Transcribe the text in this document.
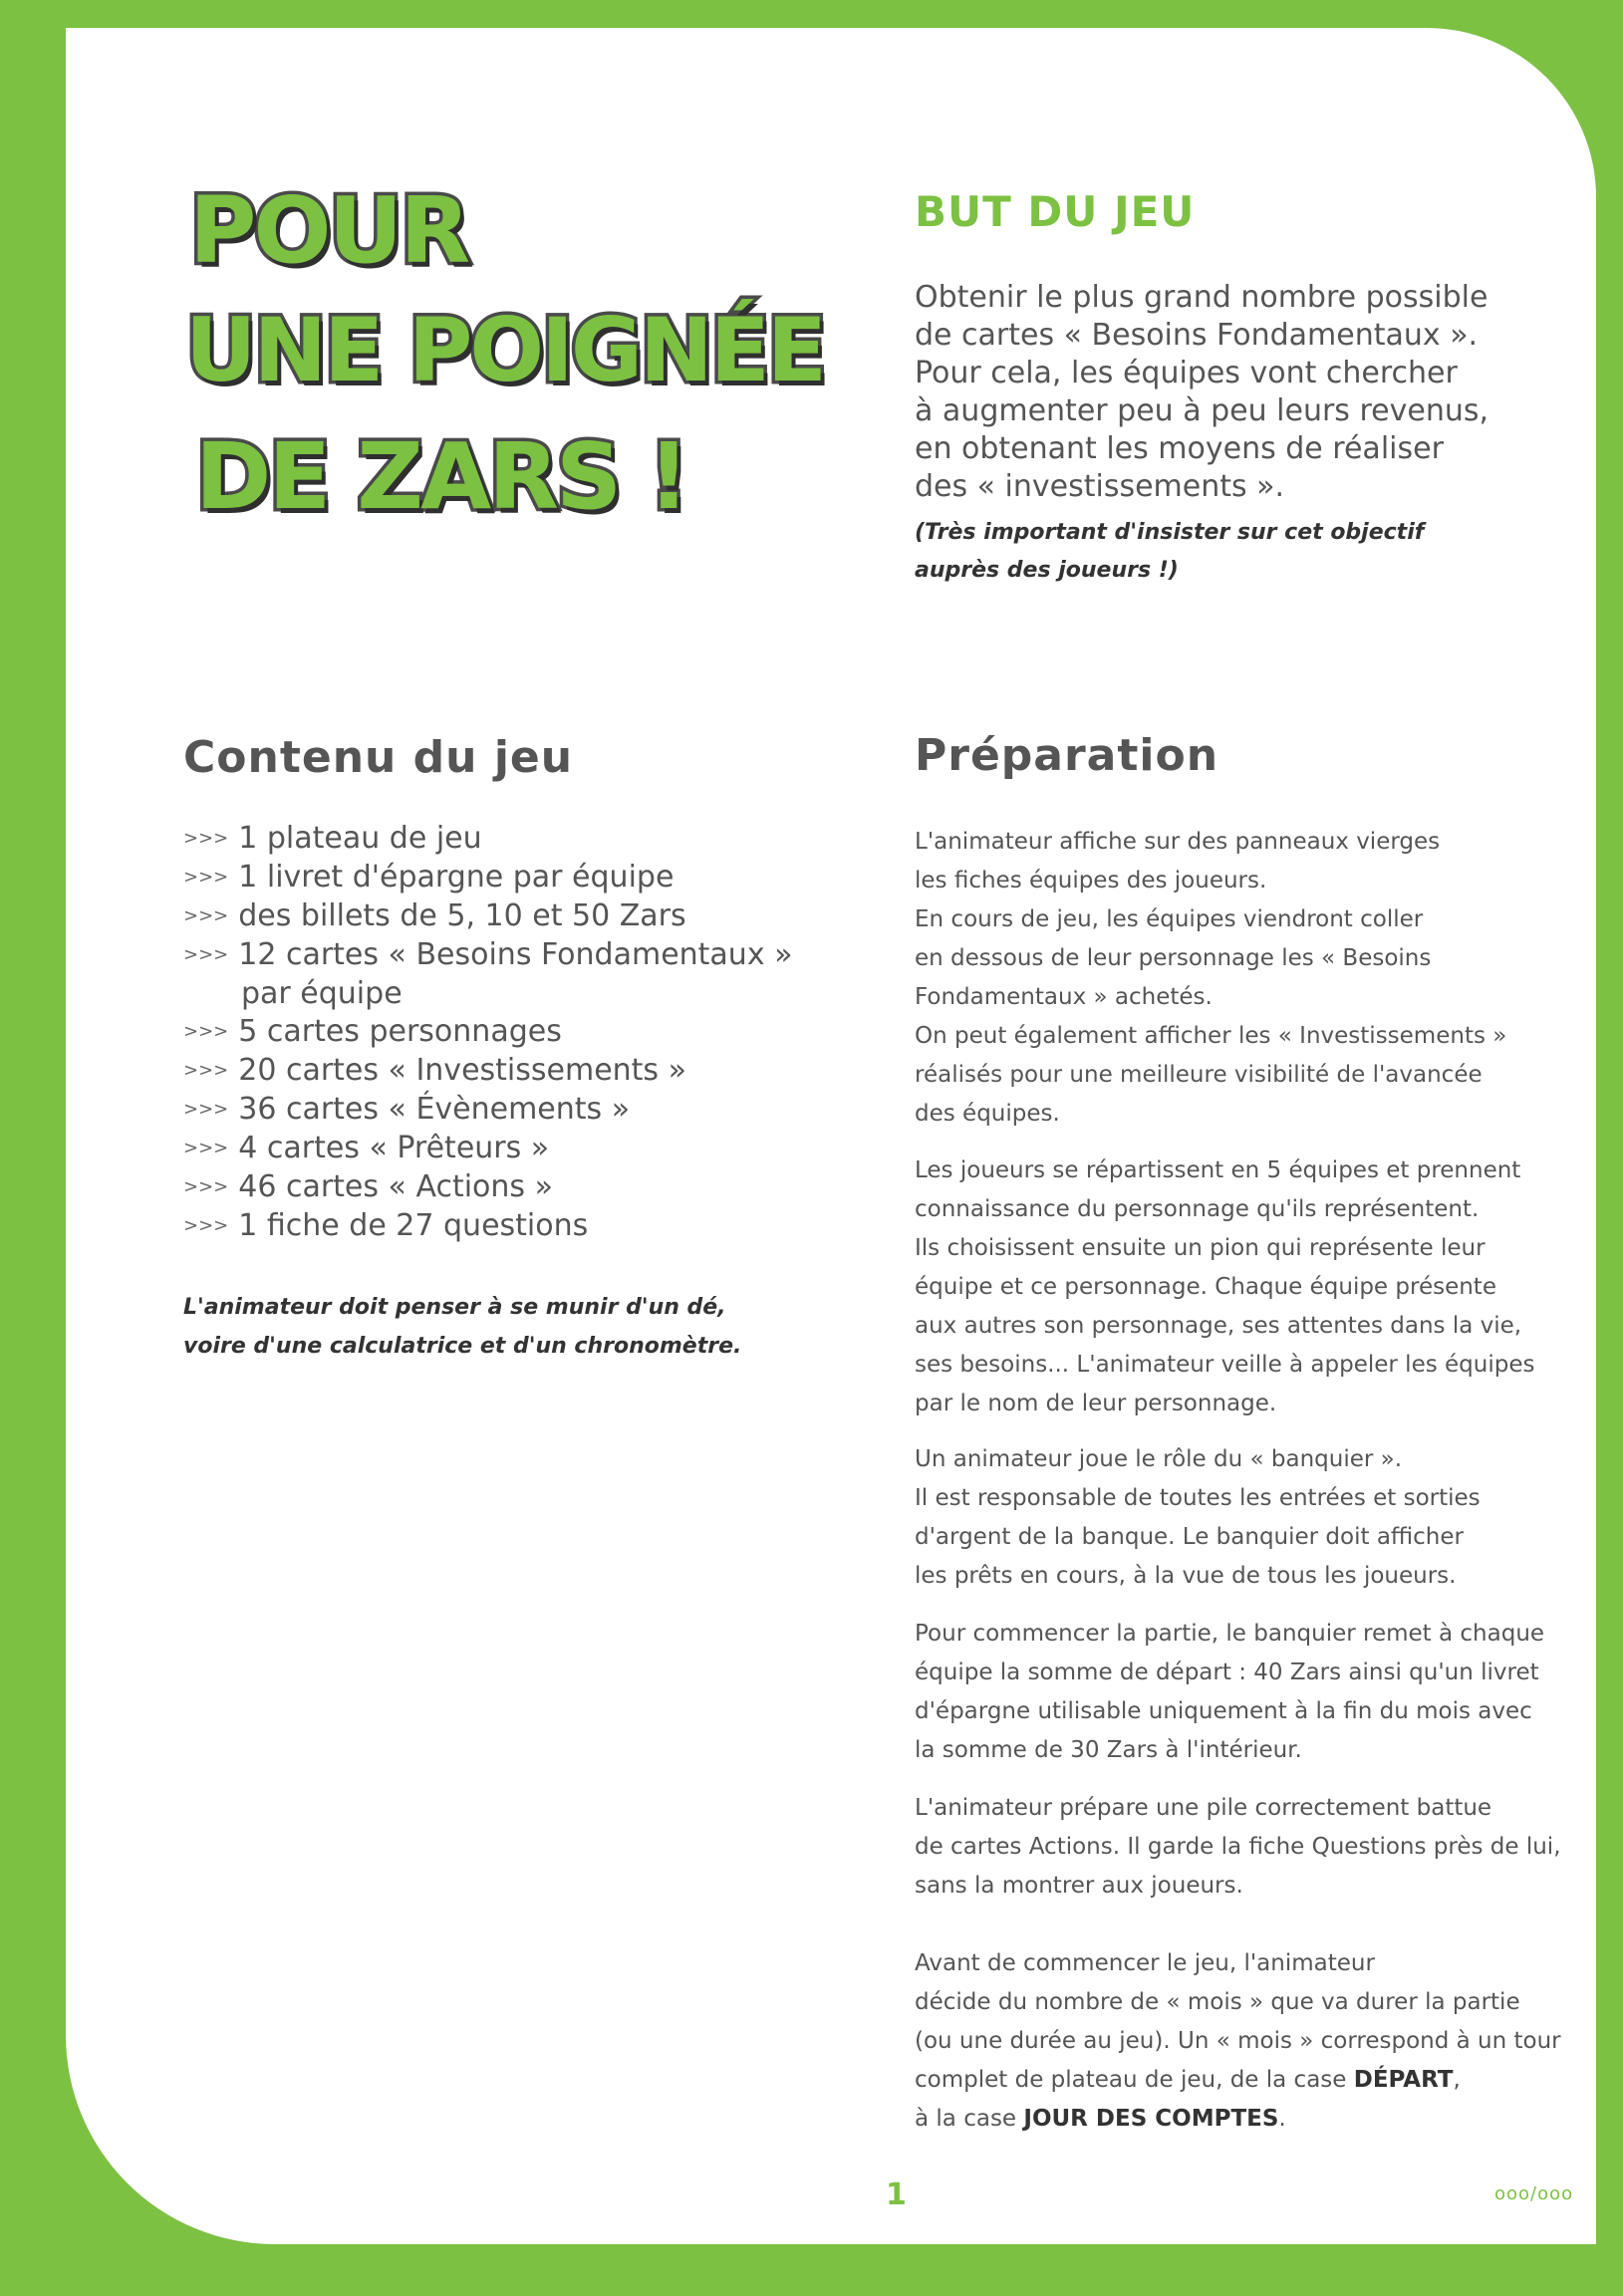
POUR
UNE POIGNÉE
DE ZARS !
BUT DU JEU

Obtenir le plus grand nombre possible
de cartes « Besoins Fondamentaux ».
Pour cela, les équipes vont chercher
à augmenter peu à peu leurs revenus,
en obtenant les moyens de réaliser
des « investissements ».

(Très important d'insister sur cet objectif
auprès des joueurs !)

Contenu du jeu
>>> 1 plateau de jeu
>>> 1 livret d'épargne par équipe
>>> des billets de 5, 10 et 50 Zars
>>> 12 cartes « Besoins Fondamentaux »
par équipe
>>> 5 cartes personnages
>>> 20 cartes « Investissements »
>>> 36 cartes « Évènements »
>>> 4 cartes « Prêteurs »
>>> 46 cartes « Actions »
>>> 1 fiche de 27 questions

L'animateur doit penser à se munir d'un dé,
voire d'une calculatrice et d'un chronomètre.

Préparation

L'animateur affiche sur des panneaux vierges
les fiches équipes des joueurs.
En cours de jeu, les équipes viendront coller
en dessous de leur personnage les « Besoins
Fondamentaux » achetés.
On peut également afficher les « Investissements »
réalisés pour une meilleure visibilité de l'avancée
des équipes.

Les joueurs se répartissent en 5 équipes et prennent
connaissance du personnage qu'ils représentent.
Ils choisissent ensuite un pion qui représente leur
équipe et ce personnage. Chaque équipe présente
aux autres son personnage, ses attentes dans la vie,
ses besoins... L'animateur veille à appeler les équipes
par le nom de leur personnage.

Un animateur joue le rôle du « banquier ».
Il est responsable de toutes les entrées et sorties
d'argent de la banque. Le banquier doit afficher
les prêts en cours, à la vue de tous les joueurs.

Pour commencer la partie, le banquier remet à chaque
équipe la somme de départ : 40 Zars ainsi qu'un livret
d'épargne utilisable uniquement à la fin du mois avec
la somme de 30 Zars à l'intérieur.

L'animateur prépare une pile correctement battue
de cartes Actions. Il garde la fiche Questions près de lui,
sans la montrer aux joueurs.

Avant de commencer le jeu, l'animateur
décide du nombre de « mois » que va durer la partie
(ou une durée au jeu). Un « mois » correspond à un tour
complet de plateau de jeu, de la case DÉPART,
à la case JOUR DES COMPTES.

1	ooo/ooo
